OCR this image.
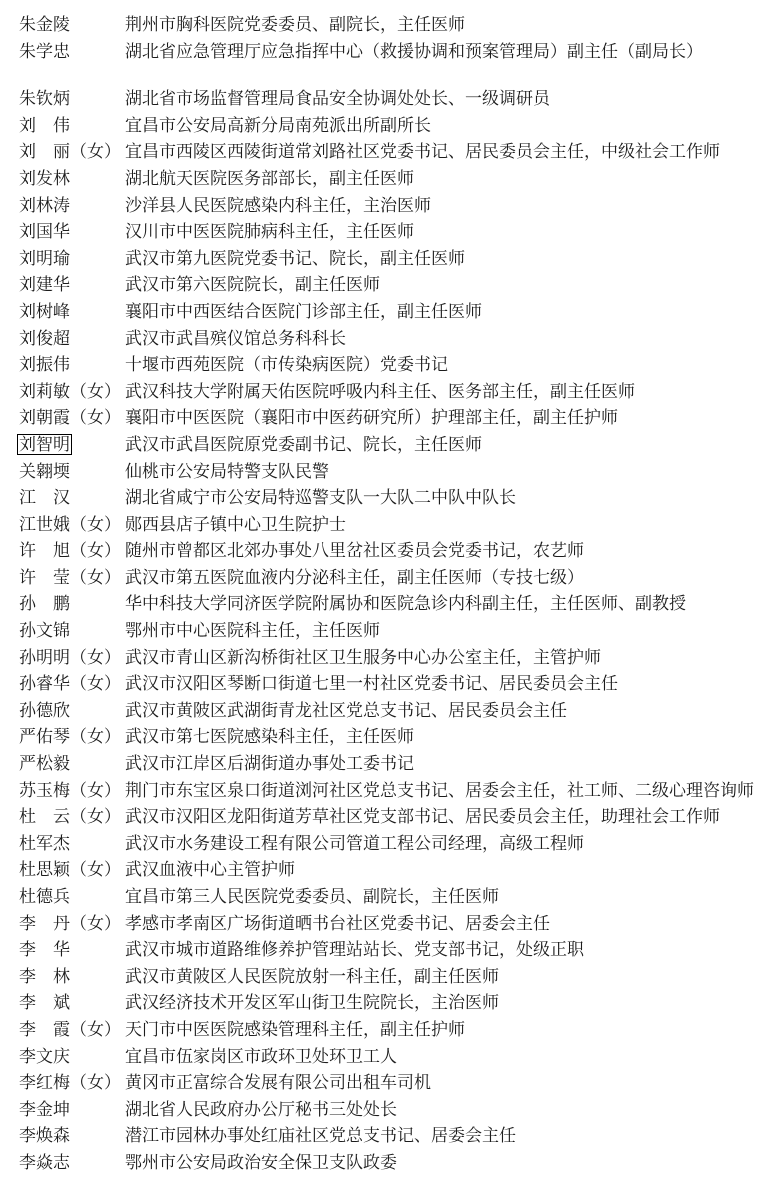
朱金陵	荆州市胸科医院党委委员、副院长，主任医师
朱学忠	湖北省应急管理厅应急指挥中心（救援协调和预案管理局）副主任（副局长）
朱钦炳	湖北省市场监督管理局食品安全协调处处长、一级调研员
刘　伟	宜昌市公安局高新分局南苑派出所副所长
刘　丽（女） 宜昌市西陵区西陵街道常刘路社区党委书记、居民委员会主任，中级社会工作师
刘发林	湖北航天医院医务部部长，副主任医师
刘林涛	沙洋县人民医院感染内科主任，主治医师
刘国华	汉川市中医医院肺病科主任，主任医师
刘明瑜	武汉市第九医院党委书记、院长，副主任医师
刘建华	武汉市第六医院院长，副主任医师
刘树峰	襄阳市中西医结合医院门诊部主任，副主任医师
刘俊超	武汉市武昌殡仪馆总务科科长
刘振伟	十堰市西苑医院（市传染病医院）党委书记
刘莉敏（女） 武汉科技大学附属天佑医院呼吸内科主任、医务部主任，副主任医师
刘朝霞（女） 襄阳市中医医院（襄阳市中医药研究所）护理部主任，副主任护师
刘智明	武汉市武昌医院原党委副书记、院长，主任医师
关翱堧	仙桃市公安局特警支队民警
江　汉	湖北省咸宁市公安局特巡警支队一大队二中队中队长
江世娥（女） 郧西县店子镇中心卫生院护士
许　旭（女） 随州市曾都区北郊办事处八里岔社区委员会党委书记，农艺师
许　莹（女） 武汉市第五医院血液内分泌科主任，副主任医师（专技七级）
孙　鹏	华中科技大学同济医学院附属协和医院急诊内科副主任，主任医师、副教授
孙文锦	鄂州市中心医院科主任，主任医师
孙明明（女） 武汉市青山区新沟桥街社区卫生服务中心办公室主任，主管护师
孙睿华（女） 武汉市汉阳区琴断口街道七里一村社区党委书记、居民委员会主任
孙德欣	武汉市黄陂区武湖街青龙社区党总支书记、居民委员会主任
严佑琴（女） 武汉市第七医院感染科主任，主任医师
严松毅	武汉市江岸区后湖街道办事处工委书记
苏玉梅（女） 荆门市东宝区泉口街道浏河社区党总支书记、居委会主任，社工师、二级心理咨询师
杜　云（女） 武汉市汉阳区龙阳街道芳草社区党支部书记、居民委员会主任，助理社会工作师
杜军杰	武汉市水务建设工程有限公司管道工程公司经理，高级工程师
杜思颖（女） 武汉血液中心主管护师
杜德兵	宜昌市第三人民医院党委委员、副院长，主任医师
李　丹（女） 孝感市孝南区广场街道晒书台社区党委书记、居委会主任
李　华	武汉市城市道路维修养护管理站站长、党支部书记，处级正职
李　林	武汉市黄陂区人民医院放射一科主任，副主任医师
李　斌	武汉经济技术开发区军山街卫生院院长，主治医师
李　霞（女） 天门市中医医院感染管理科主任，副主任护师
李文庆	宜昌市伍家岗区市政环卫处环卫工人
李红梅（女） 黄冈市正富综合发展有限公司出租车司机
李金坤	湖北省人民政府办公厅秘书三处处长
李焕森	潜江市园林办事处红庙社区党总支书记、居委会主任
李焱志	鄂州市公安局政治安全保卫支队政委
